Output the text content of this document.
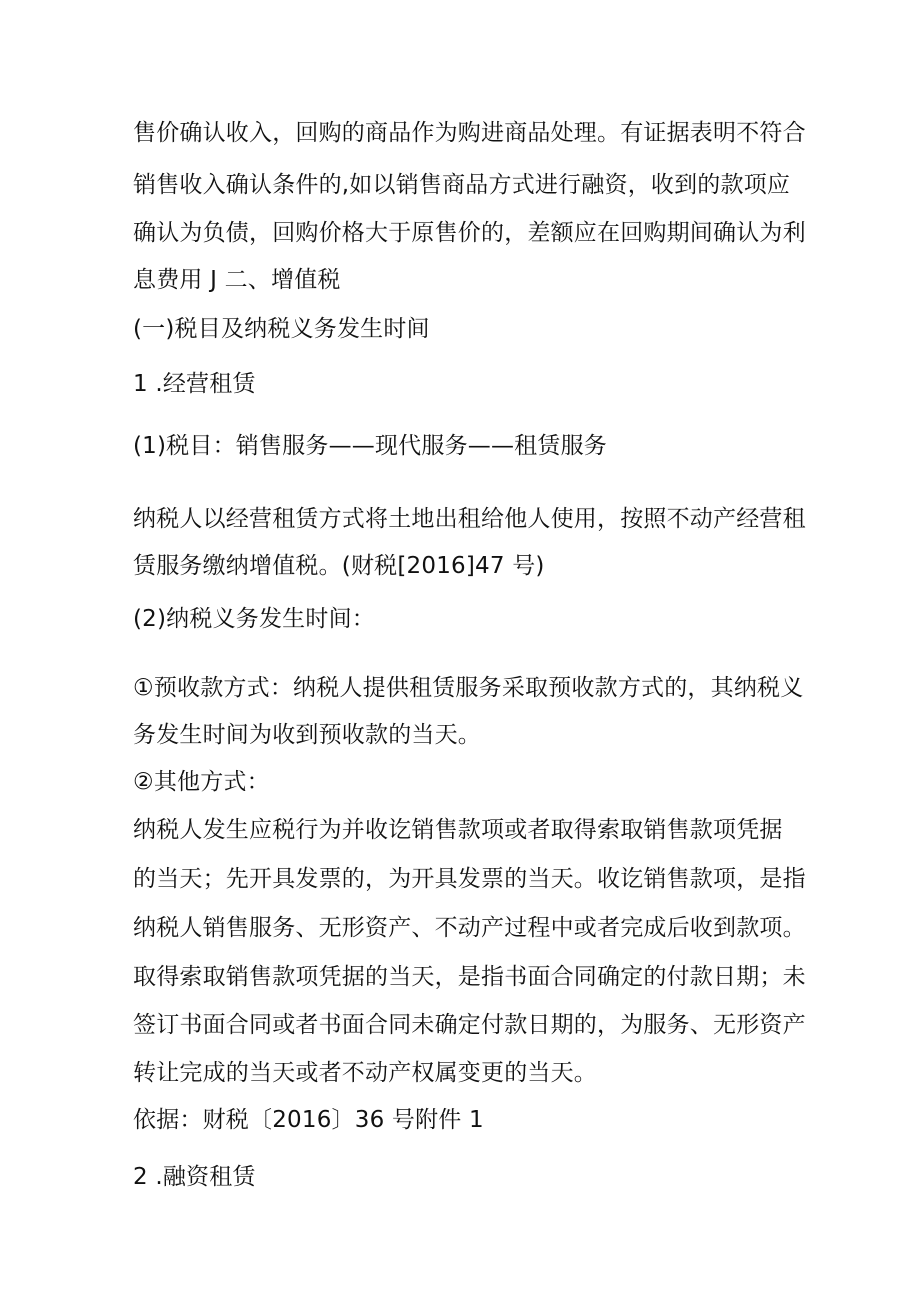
售价确认收入，回购的商品作为购进商品处理。有证据表明不符合
销售收入确认条件的,如以销售商品方式进行融资，收到的款项应
确认为负债，回购价格大于原售价的，差额应在回购期间确认为利
息费用 J 二、增值税
(一)税目及纳税义务发生时间
1 .经营租赁
(1)税目：销售服务——现代服务——租赁服务
纳税人以经营租赁方式将土地出租给他人使用，按照不动产经营租
赁服务缴纳增值税。(财税[2016]47 号)
(2)纳税义务发生时间：
①预收款方式：纳税人提供租赁服务采取预收款方式的，其纳税义
务发生时间为收到预收款的当天。
②其他方式：
纳税人发生应税行为并收讫销售款项或者取得索取销售款项凭据
的当天；先开具发票的，为开具发票的当天。收讫销售款项，是指
纳税人销售服务、无形资产、不动产过程中或者完成后收到款项。
取得索取销售款项凭据的当天，是指书面合同确定的付款日期；未
签订书面合同或者书面合同未确定付款日期的，为服务、无形资产
转让完成的当天或者不动产权属变更的当天。
依据：财税〔2016〕36 号附件 1
2 .融资租赁
